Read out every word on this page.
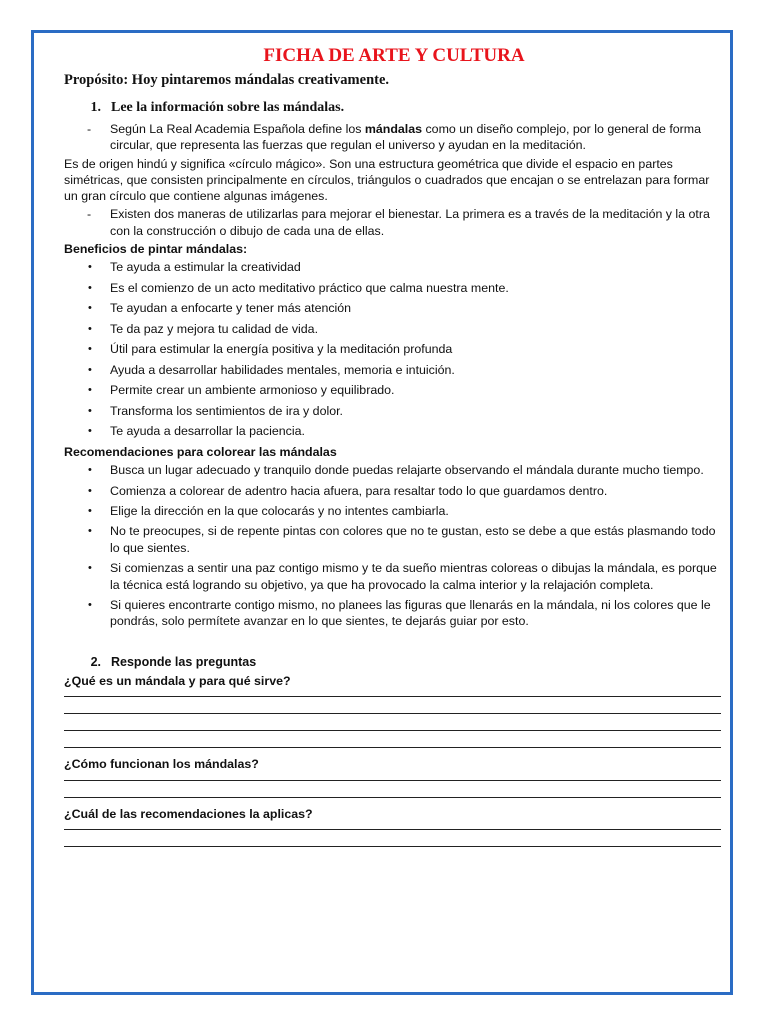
FICHA DE ARTE Y CULTURA
Propósito: Hoy pintaremos mándalas creativamente.
1. Lee la información sobre las mándalas.
-	Según La Real Academia Española define los mándalas como un diseño complejo, por lo general de forma circular, que representa las fuerzas que regulan el universo y ayudan en la meditación.
Es de origen hindú y significa «círculo mágico». Son una estructura geométrica que divide el espacio en partes simétricas, que consisten principalmente en círculos, triángulos o cuadrados que encajan o se entrelazan para formar un gran círculo que contiene algunas imágenes.
-	Existen dos maneras de utilizarlas para mejorar el bienestar. La primera es a través de la meditación y la otra con la construcción o dibujo de cada una de ellas.
Beneficios de pintar mándalas:
•	Te ayuda a estimular la creatividad
•	Es el comienzo de un acto meditativo práctico que calma nuestra mente.
•	Te ayudan a enfocarte y tener más atención
•	Te da paz y mejora tu calidad de vida.
•	Útil para estimular la energía positiva y la meditación profunda
•	Ayuda a desarrollar habilidades mentales, memoria e intuición.
•	Permite crear un ambiente armonioso y equilibrado.
•	Transforma los sentimientos de ira y dolor.
•	Te ayuda a desarrollar la paciencia.
Recomendaciones para colorear las mándalas
•	Busca un lugar adecuado y tranquilo donde puedas relajarte observando el mándala durante mucho tiempo.
•	Comienza a colorear de adentro hacia afuera, para resaltar todo lo que guardamos dentro.
•	Elige la dirección en la que colocarás y no intentes cambiarla.
•	No te preocupes, si de repente pintas con colores que no te gustan, esto se debe a que estás plasmando todo lo que sientes.
•	Si comienzas a sentir una paz contigo mismo y te da sueño mientras coloreas o dibujas la mándala, es porque la técnica está logrando su objetivo, ya que ha provocado la calma interior y la relajación completa.
•	Si quieres encontrarte contigo mismo, no planees las figuras que llenarás en la mándala, ni los colores que le pondrás, solo permítete avanzar en lo que sientes, te dejarás guiar por esto.
2. Responde las preguntas
¿Qué es un mándala y para qué sirve?
¿Cómo funcionan los mándalas?
¿Cuál de las recomendaciones la aplicas?
